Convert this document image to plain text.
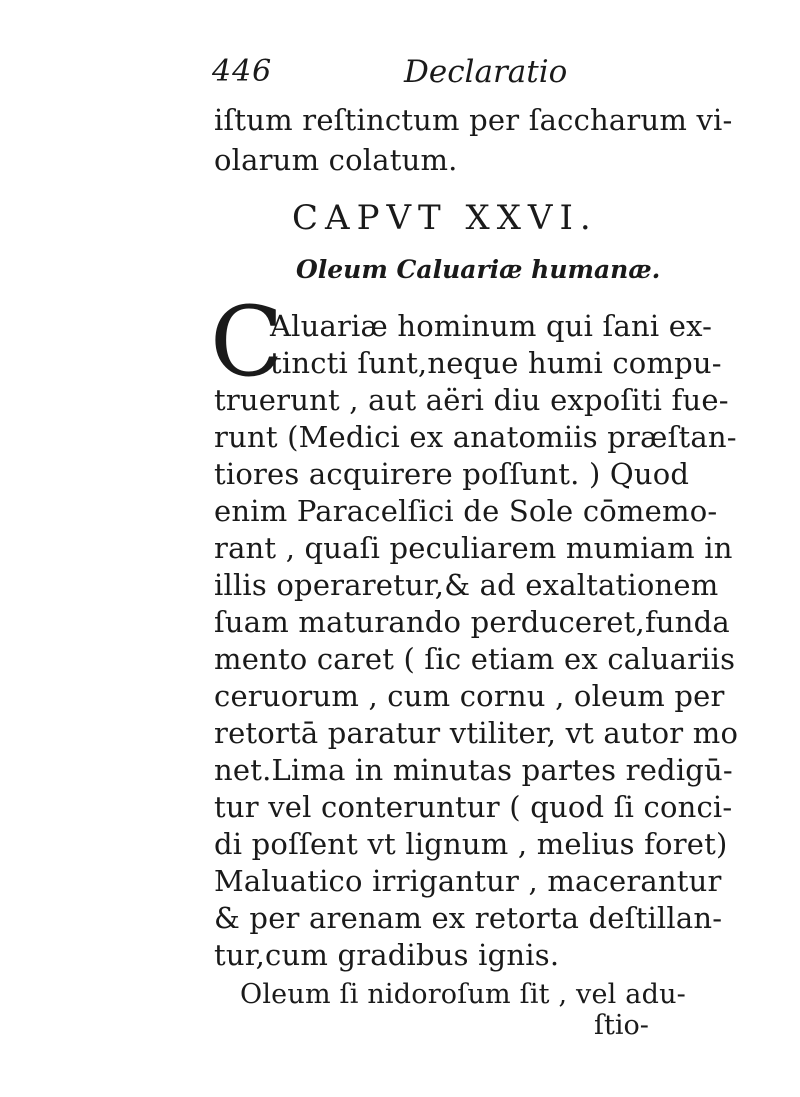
446	Declaratio
iſtum reſtinctum per ſaccharum vi-
olarum colatum.
CAPVT XXVI.
Oleum Caluariæ humanæ.
C
Aluariæ hominum qui ſani ex-
tincti ſunt,neque humi compu-
truerunt , aut aëri diu expoſiti fue-
runt (Medici ex anatomiis præſtan-
tiores acquirere poſſunt. ) Quod
enim Paracelſici de Sole cōmemo-
rant , quaſi peculiarem mumiam in
illis operaretur,& ad exaltationem
ſuam maturando perduceret,funda
mento caret ( ſic etiam ex caluariis
ceruorum , cum cornu , oleum per
retortā paratur vtiliter, vt autor mo
net.Lima in minutas partes redigū-
tur vel conteruntur ( quod ſi conci-
di poſſent vt lignum , melius foret)
Maluatico irrigantur , macerantur
& per arenam ex retorta deſtillan-
tur,cum gradibus ignis.
Oleum ſi nidoroſum ſit , vel adu-
ſtio-
